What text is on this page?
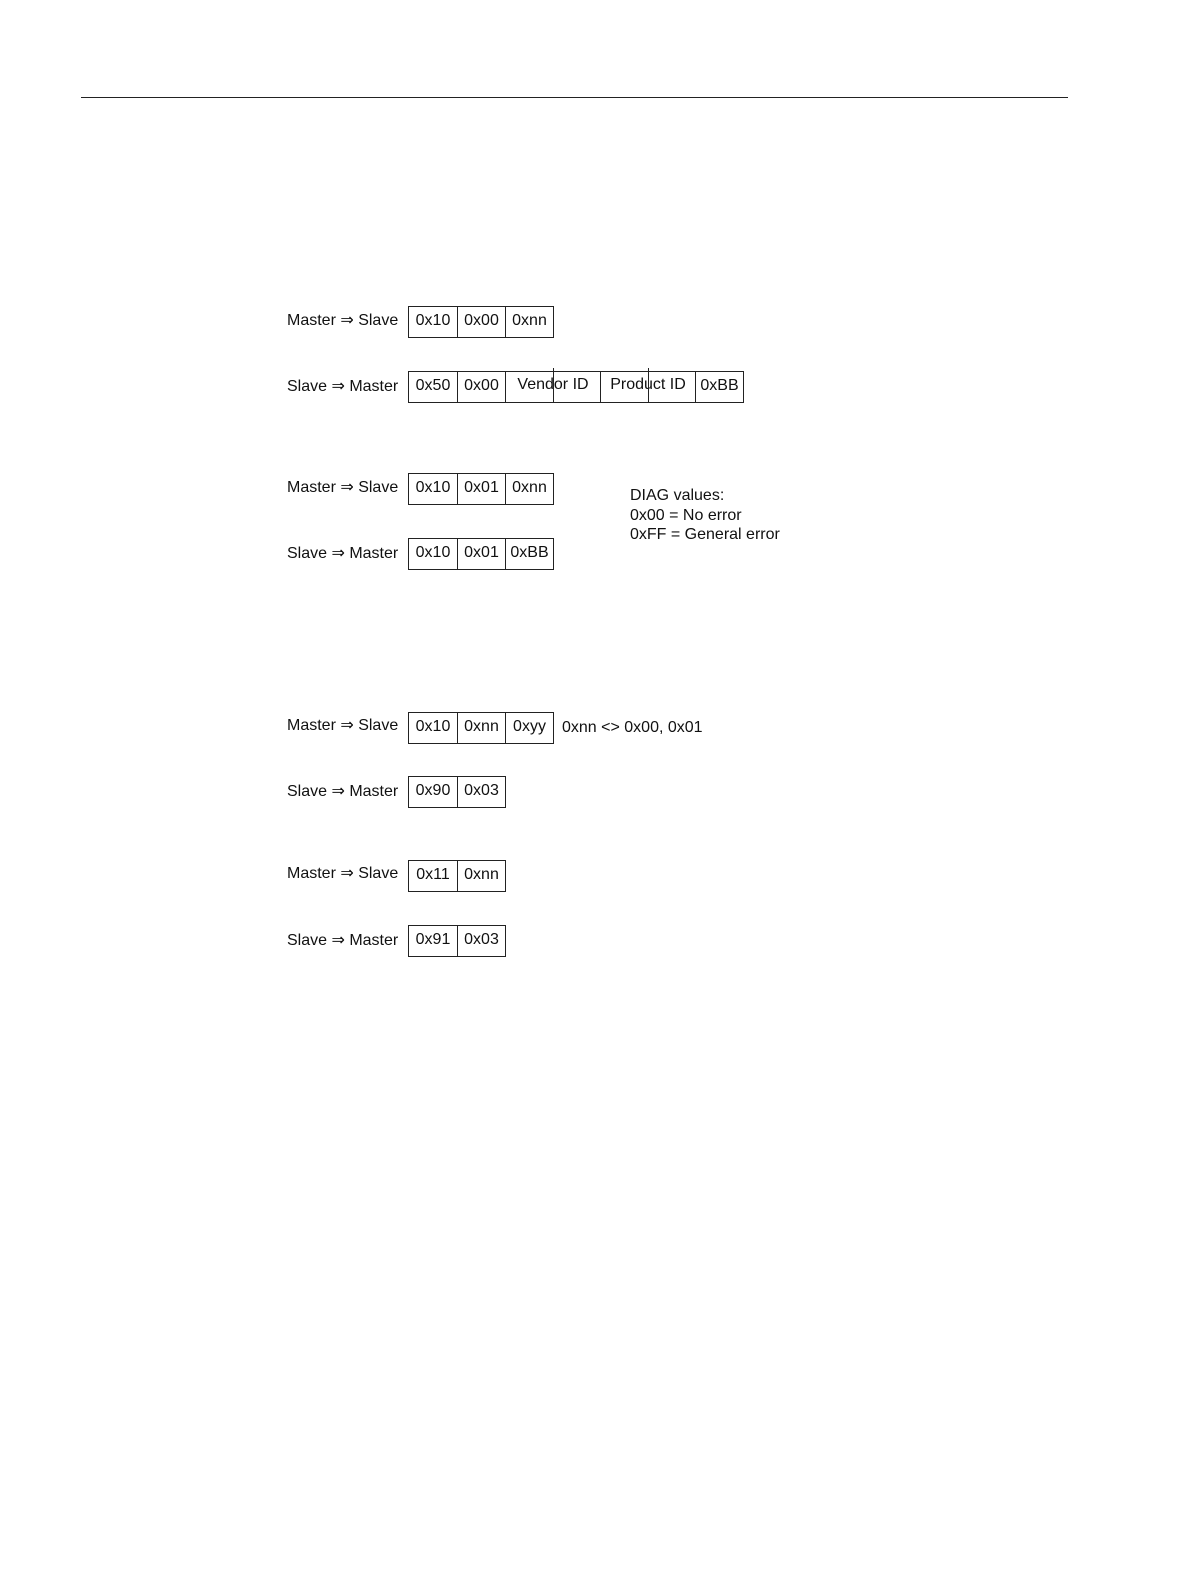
Master ⇒ Slave 0x10 0x00 0xnn
Slave ⇒ Master 0x50 0x00 Vendor ID Product ID 0xBB
Master ⇒ Slave 0x10 0x01 0xnn	DIAG values:
0x00 = No error
0xFF = General error
Slave ⇒ Master 0x10 0x01 0xBB
Master ⇒ Slave 0x10 0xnn 0xyy 0xnn <> 0x00, 0x01
Slave ⇒ Master 0x90 0x03
Master ⇒ Slave 0x11 0xnn
Slave ⇒ Master 0x91 0x03
